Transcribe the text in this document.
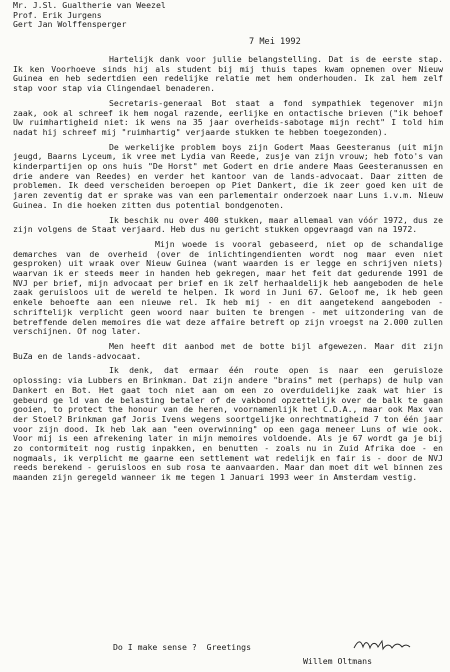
Mr. J.Sl. Gualtherie van Weezel
Prof. Erik Jurgens
Gert Jan Wolffensperger
7 Mei 1992

Hartelijk dank voor jullie belangstelling. Dat is de eerste stap. Ik ken Voorhoeve sinds hij als student bij mij thuis tapes kwam opnemen over Nieuw Guinea en heb sedertdien een redelijke relatie met hem onderhouden. Ik zal hem zelf stap voor stap via Clingendael benaderen.

Secretaris-generaal Bot staat a fond sympathiek tegenover mijn zaak, ook al schreef ik hem nogal razende, eerlijke en ontactische brieven ("ik behoef Uw ruimhartigheid niet: ik wens na 35 jaar overheids-sabotage mijn recht" I told him nadat hij schreef mij "ruimhartig" verjaarde stukken te hebben toegezonden).

De werkelijke problem boys zijn Godert Maas Geesteranus (uit mijn jeugd, Baarns Lyceum, ik vree met Lydia van Reede, zusje van zijn vrouw; heb foto's van kinderpartijen op ons huis "De Horst" met Godert en drie andere Maas Geesteranussen en drie andere van Reedes) en verder het kantoor van de lands-advocaat. Daar zitten de problemen. Ik deed verscheiden beroepen op Piet Dankert, die ik zeer goed ken uit de jaren zeventig dat er sprake was van een parlementair onderzoek naar Luns i.v.m. Nieuw Guinea. In die hoeken zitten dus potential bondgenoten.

Ik beschik nu over 400 stukken, maar allemaal van vóór 1972, dus ze zijn volgens de Staat verjaard. Heb dus nu gericht stukken opgevraagd van na 1972.

Mijn woede is vooral gebaseerd, niet op de schandalige demarches van de overheid (over de inlichtingendienten wordt nog maar even niet gesproken) uit wraak over Nieuw Guinea (want waarden is er legge en schrijven niets) waarvan ik er steeds meer in handen heb gekregen, maar het feit dat gedurende 1991 de NVJ per brief, mijn advocaat per brief en ik zelf herhaaldelijk heb aangeboden de hele zaak geruisloos uit de wereld te helpen. Ik word in Juni 67. Geloof me, ik heb geen enkele behoefte aan een nieuwe rel. Ik heb mij - en dit aangetekend aangeboden - schriftelijk verplicht geen woord naar buiten te brengen - met uitzondering van de betreffende delen memoires die wat deze affaire betreft op zijn vroegst na 2.000 zullen verschijnen. Of nog later.

Men heeft dit aanbod met de botte bijl afgewezen. Maar dit zijn BuZa en de lands-advocaat.

Ik denk, dat ermaar één route open is naar een geruisloze oplossing: via Lubbers en Brinkman. Dat zijn andere "brains" met (perhaps) de hulp van Dankert en Bot. Het gaat toch niet aan om een zo overduidelijke zaak wat hier is gebeurd ge ld van de belasting betaler of de vakbond opzettelijk over de balk te gaan gooien, to protect the honour van de heren, voornamenlijk het C.D.A., maar ook Max van der Stoel? Brinkman gaf Joris Ivens wegens soortgelijke onrechtmatigheid 7 ton één jaar voor zijn dood. Ik heb lak aan "een overwinning" op een gaga meneer Luns of wie ook. Voor mij is een afrekening later in mijn memoires voldoende. Als je 67 wordt ga je bij zo contormiteit nog rustig inpakken, en benutten - zoals nu in Zuid Afrika doe - en nogmaals, ik verplicht me gaarne een settlement wat redelijk en fair is - door de NVJ reeds berekend - geruisloos en sub rosa te aanvaarden. Maar dan moet dit wel binnen zes maanden zijn geregeld wanneer ik me tegen 1 Januari 1993 weer in Amsterdam vestig.

Do I make sense ?  Greetings
Willem Oltmans
